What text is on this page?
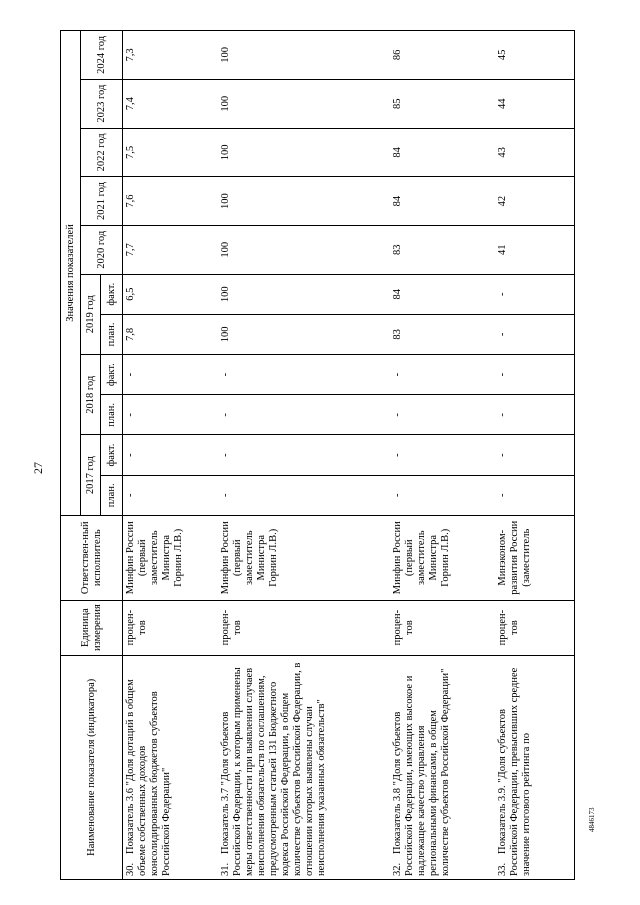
27
4846173
Наименование показателя (индикатора)	Единица измерения	Ответствен-ный исполнитель	Значения показателей										
			2017 год		2018 год		2019 год		2020 год	2021 год	2022 год	2023 год	2024 год
			план.	факт.	план.	факт.	план.	факт.					
30.Показатель 3.6 "Доля дотаций в общем объеме собственных доходов консолидированных бюджетов субъектов Российской Федерации"	процен-тов	Минфин России (первый заместитель Министра Горнин Л.В.)	-	-	-	-	7,8	6,5	7,7	7,6	7,5	7,4	7,3
31.Показатель 3.7 "Доля субъектов Российской Федерации, к которым применены меры ответственности при выявлении случаев неисполнения обязательств по соглашениям, предусмотренным статьей 131 Бюджетного кодекса Российской Федерации, в общем количестве субъектов Российской Федерации, в отношении которых выявлены случаи неисполнения указанных обязательств"	процен-тов	Минфин России (первый заместитель Министра Горнин Л.В.)	-	-	-	-	100	100	100	100	100	100	100
32.Показатель 3.8 "Доля субъектов Российской Федерации, имеющих высокое и надлежащее качество управления региональными финансами, в общем количестве субъектов Российской Федерации"	процен-тов	Минфин России (первый заместитель Министра Горнин Л.В.)	-	-	-	-	83	84	83	84	84	85	86
33.Показатель 3.9. "Доля субъектов Российской Федерации, превысивших среднее значение итогового рейтинга по	процен-тов	Минэконом-развития России (заместитель	-	-	-	-	-	-	41	42	43	44	45
